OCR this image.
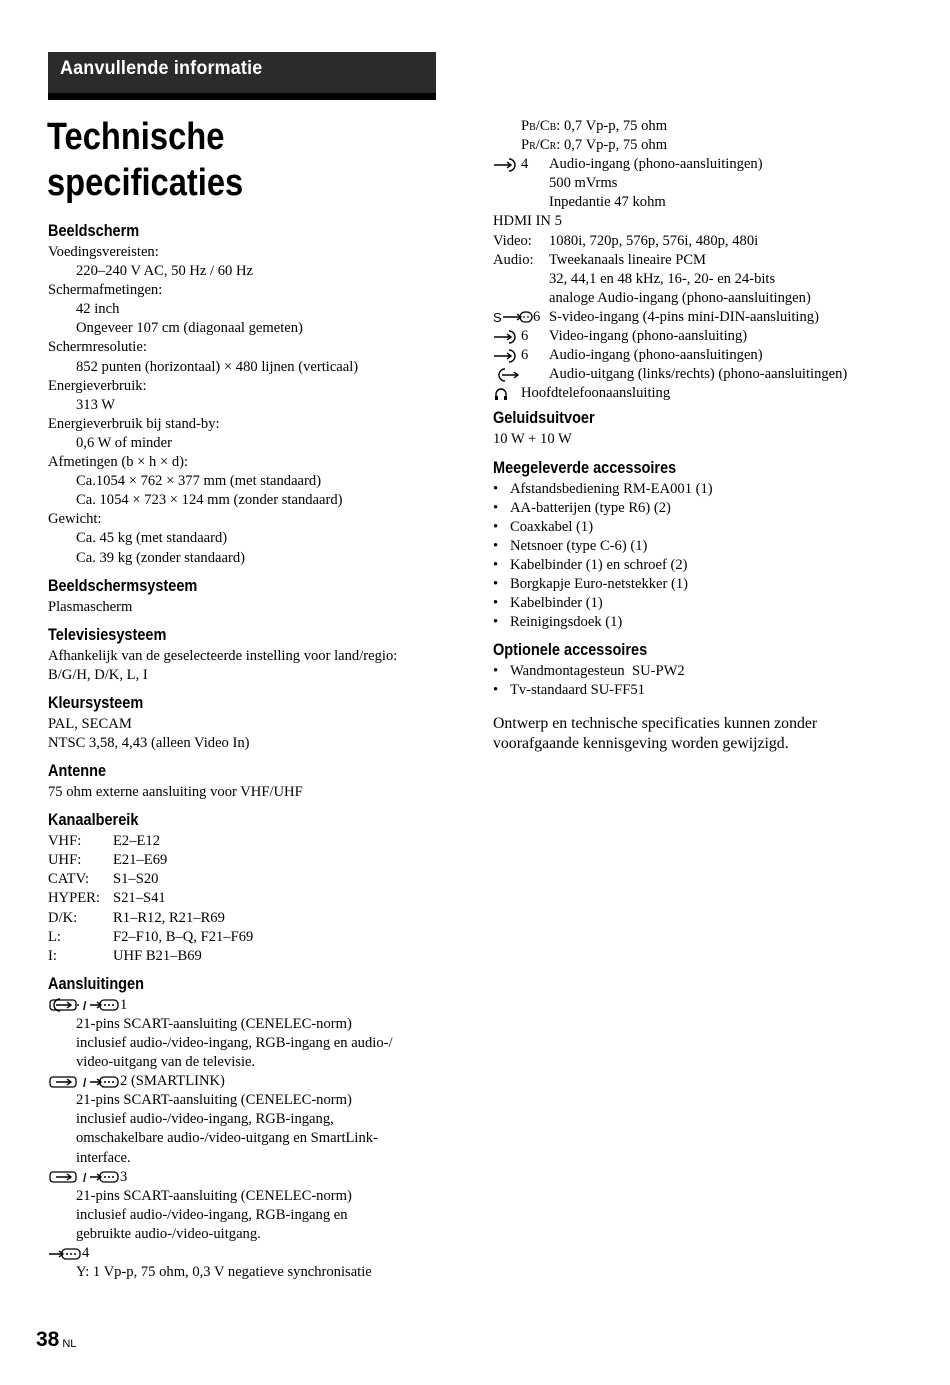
Aanvullende informatie
Technische
specificaties
Beeldscherm
Voedingsvereisten:
220–240 V AC, 50 Hz / 60 Hz
Schermafmetingen:
42 inch
Ongeveer 107 cm (diagonaal gemeten)
Schermresolutie:
852 punten (horizontaal) × 480 lijnen (verticaal)
Energieverbruik:
313 W
Energieverbruik bij stand-by:
0,6 W of minder
Afmetingen (b × h × d):
Ca.1054 × 762 × 377 mm (met standaard)
Ca. 1054 × 723 × 124 mm (zonder standaard)
Gewicht:
Ca. 45 kg (met standaard)
Ca. 39 kg (zonder standaard)
Beeldschermsysteem
Plasmascherm
Televisiesysteem
Afhankelijk van de geselecteerde instelling voor land/regio:
B/G/H, D/K, L, I
Kleursysteem
PAL, SECAM
NTSC 3,58, 4,43 (alleen Video In)
Antenne
75 ohm externe aansluiting voor VHF/UHF
Kanaalbereik
VHF:	E2–E12
UHF:	E21–E69
CATV:	S1–S20
HYPER: S21–S41
D/K:	R1–R12, R21–R69
L:	F2–F10, B–Q, F21–F69
I:	UHF B21–B69
Aansluitingen
/ 1
21-pins SCART-aansluiting (CENELEC-norm)
inclusief audio-/video-ingang, RGB-ingang en audio-/
video-uitgang van de televisie.
/ 2 (SMARTLINK)
21-pins SCART-aansluiting (CENELEC-norm)
inclusief audio-/video-ingang, RGB-ingang,
omschakelbare audio-/video-uitgang en SmartLink-
interface.
/ 3
21-pins SCART-aansluiting (CENELEC-norm)
inclusief audio-/video-ingang, RGB-ingang en
gebruikte audio-/video-uitgang.
4
Y: 1 Vp-p, 75 ohm, 0,3 V negatieve synchronisatie
PB/CB: 0,7 Vp-p, 75 ohm
PR/CR: 0,7 Vp-p, 75 ohm
4 Audio-ingang (phono-aansluitingen)
500 mVrms
Inpedantie 47 kohm
HDMI IN 5
Video:	1080i, 720p, 576p, 576i, 480p, 480i
Audio:	Tweekanaals lineaire PCM
32, 44,1 en 48 kHz, 16-, 20- en 24-bits
analoge Audio-ingang (phono-aansluitingen)
S 6 S-video-ingang (4-pins mini-DIN-aansluiting)
6 Video-ingang (phono-aansluiting)
6 Audio-ingang (phono-aansluitingen)
Audio-uitgang (links/rechts) (phono-aansluitingen)
Hoofdtelefoonaansluiting
Geluidsuitvoer
10 W + 10 W
Meegeleverde accessoires
• Afstandsbediening RM-EA001 (1)
• AA-batterijen (type R6) (2)
• Coaxkabel (1)
• Netsnoer (type C-6) (1)
• Kabelbinder (1) en schroef (2)
• Borgkapje Euro-netstekker (1)
• Kabelbinder (1)
• Reinigingsdoek (1)
Optionele accessoires
• Wandmontagesteun  SU-PW2
• Tv-standaard SU-FF51
Ontwerp en technische specificaties kunnen zonder voorafgaande kennisgeving worden gewijzigd.
38 $^{NL}$
